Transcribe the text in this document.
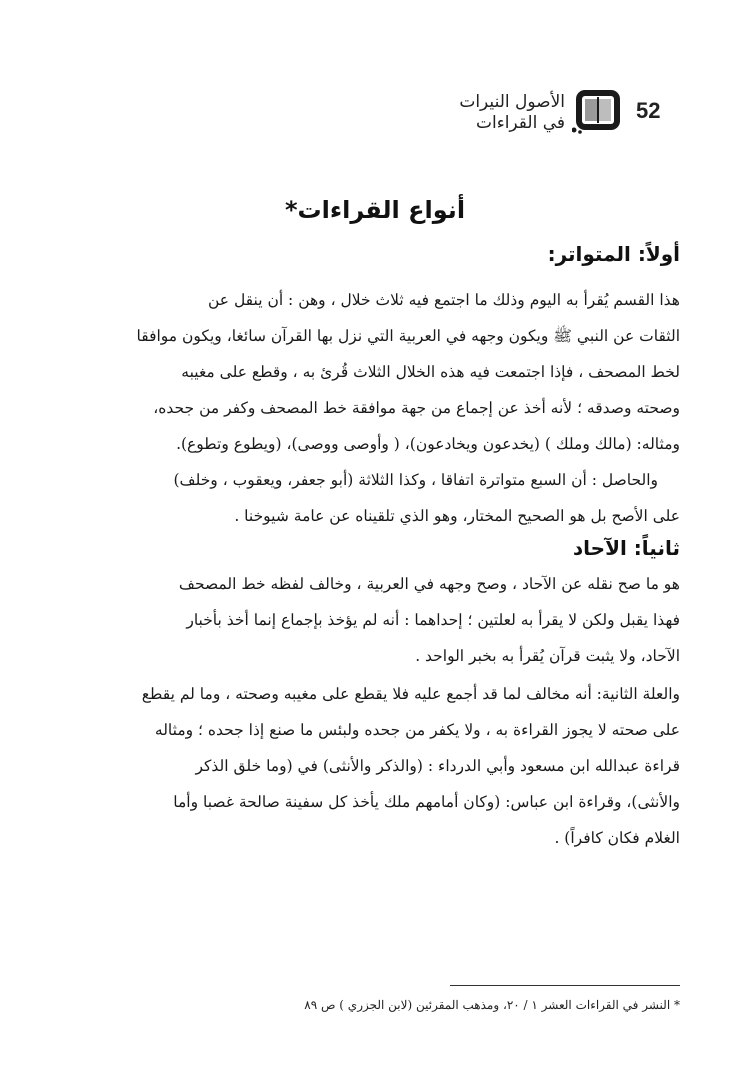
52
الأصول النيرات
في القراءات
أنواع القراءات*
أولاً: المتواتر:
هذا القسم يُقرأ به اليوم وذلك ما اجتمع فيه ثلاث خلال ، وهن : أن ينقل عن
الثقات عن النبي ﷺ ويكون وجهه في العربية التي نزل بها القرآن سائغا، ويكون موافقا
لخط المصحف ، فإذا اجتمعت فيه هذه الخلال الثلاث قُرئ به ، وقطع على مغيبه
وصحته وصدقه ؛ لأنه أخذ عن إجماع من جهة موافقة خط المصحف وكفر من جحده،
ومثاله: (مالك وملك ) (يخدعون ويخادعون)، ( وأوصى ووصى)، (ويطوع وتطوع).
والحاصل : أن السبع متواترة اتفاقا ، وكذا الثلاثة (أبو جعفر، ويعقوب ، وخلف)
على الأصح بل هو الصحيح المختار، وهو الذي تلقيناه عن عامة شيوخنا .
ثانياً: الآحاد
هو ما صح نقله عن الآحاد ، وصح وجهه في العربية ، وخالف لفظه خط المصحف
فهذا يقبل ولكن لا يقرأ به لعلتين ؛ إحداهما : أنه لم يؤخذ بإجماع إنما أخذ بأخبار
الآحاد، ولا يثبت قرآن يُقرأ به بخبر الواحد .
والعلة الثانية: أنه مخالف لما قد أجمع عليه فلا يقطع على مغيبه وصحته ، وما لم يقطع
على صحته لا يجوز القراءة به ، ولا يكفر من جحده ولبئس ما صنع إذا جحده ؛ ومثاله
قراءة عبدالله ابن مسعود وأبي الدرداء : (والذكر والأنثى) في (وما خلق الذكر
والأنثى)، وقراءة ابن عباس: (وكان أمامهم ملك يأخذ كل سفينة صالحة غصبا وأما
الغلام فكان كافراً) .
* النشر في القراءات العشر ١ / ٢٠، ومذهب المقرئين (لابن الجزري ) ص ٨٩
